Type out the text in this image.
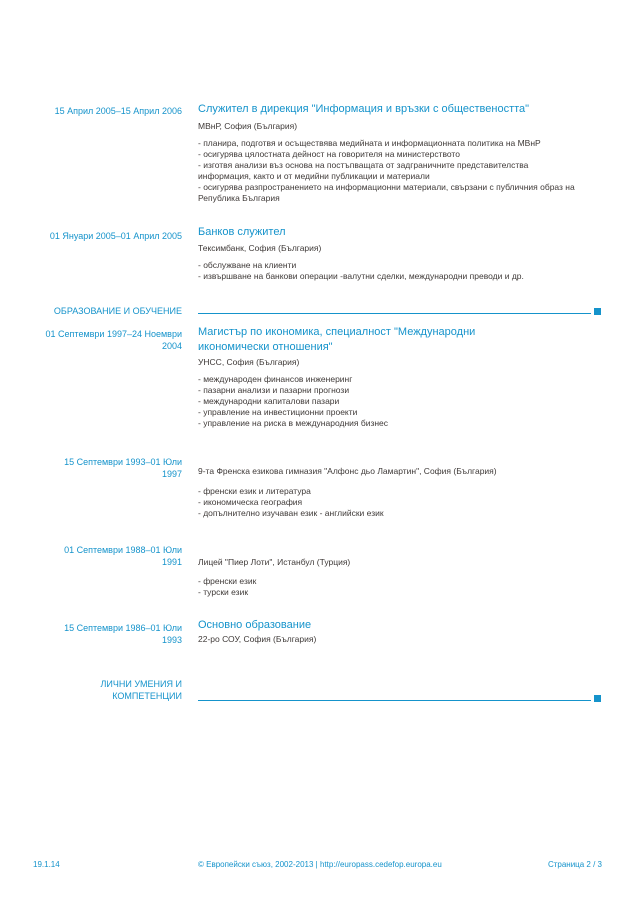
15 Април 2005–15 Април 2006 Служител в дирекция "Информация и връзки с обществеността"
МВнР, София (България)
- планира, подготвя и осъществява медийната и информационната политика на МВнР
- осигурява цялостната дейност на говорителя на министерството
- изготвя анализи въз основа на постъпващата от задграничните представителства
информация, както и от медийни публикации и материали
- осигурява разпространението на информационни материали, свързани с публичния образ на
Република България
01 Януари 2005–01 Април 2005 Банков служител
Тексимбанк, София (България)
- обслужване на клиенти
- извършване на банкови операции -валутни сделки, международни преводи и др.
ОБРАЗОВАНИЕ И ОБУЧЕНИЕ
01 Септември 1997–24 Ноември 2004
Магистър по икономика, специалност "Международни икономически отношения"
УНСС, София (България)
- международен финансов инженеринг
- пазарни анализи и пазарни прогнози
- международни капиталови пазари
- управление на инвестиционни проекти
- управление на риска в международния бизнес
15 Септември 1993–01 Юли 1997 9-та Френска езикова гимназия "Алфонс дьо Ламартин", София (България)
- френски език и литература
- икономическа география
- допълнително изучаван език - английски език
01 Септември 1988–01 Юли 1991 Лицей "Пиер Лоти", Истанбул (Турция)
- френски език
- турски език
15 Септември 1986–01 Юли 1993
Основно образование
22-ро СОУ, София (България)
ЛИЧНИ УМЕНИЯ И КОМПЕТЕНЦИИ
19.1.14	© Европейски съюз, 2002-2013 | http://europass.cedefop.europa.eu	Страница 2 / 3
